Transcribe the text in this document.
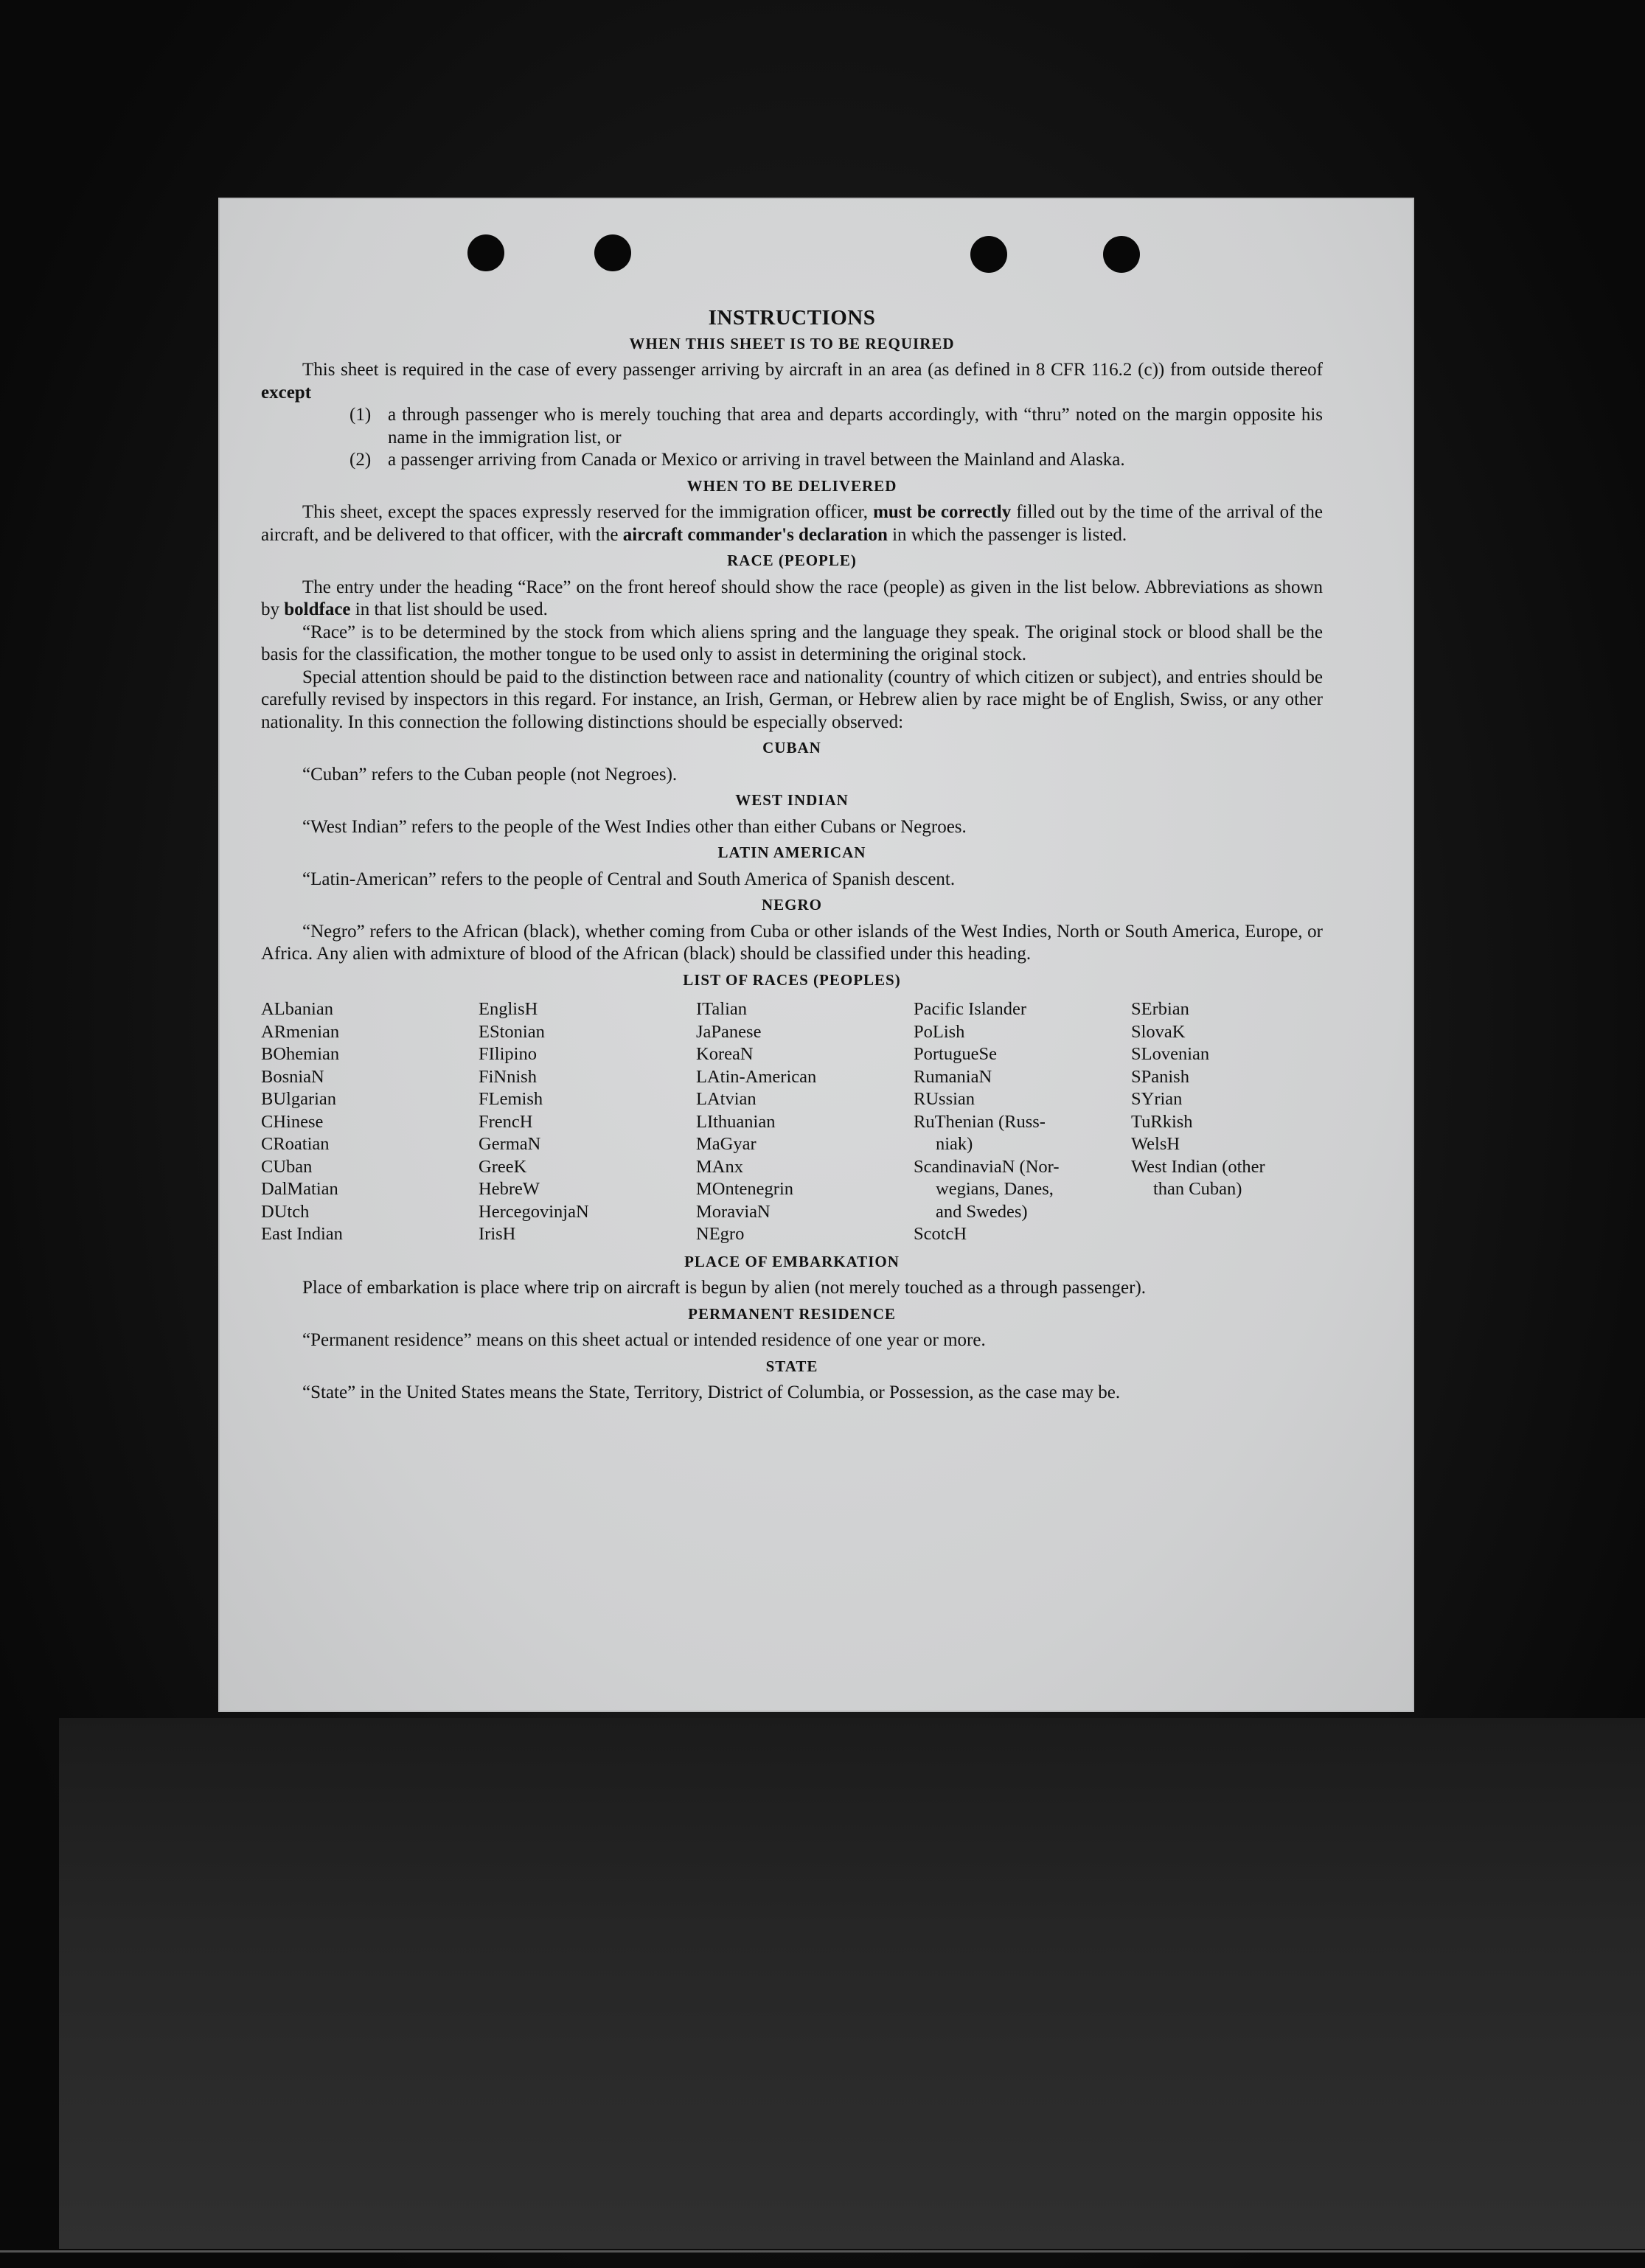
INSTRUCTIONS
WHEN THIS SHEET IS TO BE REQUIRED

This sheet is required in the case of every passenger arriving by aircraft in an area (as defined in 8 CFR 116.2 (c)) from outside thereof except

(1) a through passenger who is merely touching that area and departs accordingly, with “thru” noted on the margin opposite his name in the immigration list, or
(2) a passenger arriving from Canada or Mexico or arriving in travel between the Mainland and Alaska.
WHEN TO BE DELIVERED

This sheet, except the spaces expressly reserved for the immigration officer, must be correctly filled out by the time of the arrival of the aircraft, and be delivered to that officer, with the aircraft commander's declaration in which the passenger is listed.

RACE (PEOPLE)

The entry under the heading “Race” on the front hereof should show the race (people) as given in the list below. Abbreviations as shown by boldface in that list should be used.

“Race” is to be determined by the stock from which aliens spring and the language they speak. The original stock or blood shall be the basis for the classification, the mother tongue to be used only to assist in determining the original stock.

Special attention should be paid to the distinction between race and nationality (country of which citizen or subject), and entries should be carefully revised by inspectors in this regard. For instance, an Irish, German, or Hebrew alien by race might be of English, Swiss, or any other nationality. In this connection the following distinctions should be especially observed:

CUBAN

“Cuban” refers to the Cuban people (not Negroes).

WEST INDIAN

“West Indian” refers to the people of the West Indies other than either Cubans or Negroes.

LATIN AMERICAN

“Latin-American” refers to the people of Central and South America of Spanish descent.

NEGRO

“Negro” refers to the African (black), whether coming from Cuba or other islands of the West Indies, North or South America, Europe, or Africa. Any alien with admixture of blood of the African (black) should be classified under this heading.

LIST OF RACES (PEOPLES)
ALbanian
ARmenian
BOhemian
BosniaN
BUlgarian
CHinese
CRoatian
CUban
DalMatian
DUtch
East Indian
EnglisH
EStonian
FIlipino
FiNnish
FLemish
FrencH
GermaN
GreeK
HebreW
HercegovinjaN
IrisH
ITalian
JaPanese
KoreaN
LAtin-American
LAtvian
LIthuanian
MaGyar
MAnx
MOntenegrin
MoraviaN
NEgro
Pacific Islander
PoLish
PortugueSe
RumaniaN
RUssian
RuThenian (Russ-
niak)
ScandinaviaN (Nor-
wegians, Danes,
and Swedes)
ScotcH
SErbian
SlovaK
SLovenian
SPanish
SYrian
TuRkish
WelsH
West Indian (other
than Cuban)
PLACE OF EMBARKATION

Place of embarkation is place where trip on aircraft is begun by alien (not merely touched as a through passenger).

PERMANENT RESIDENCE

“Permanent residence” means on this sheet actual or intended residence of one year or more.

STATE

“State” in the United States means the State, Territory, District of Columbia, or Possession, as the case may be.
